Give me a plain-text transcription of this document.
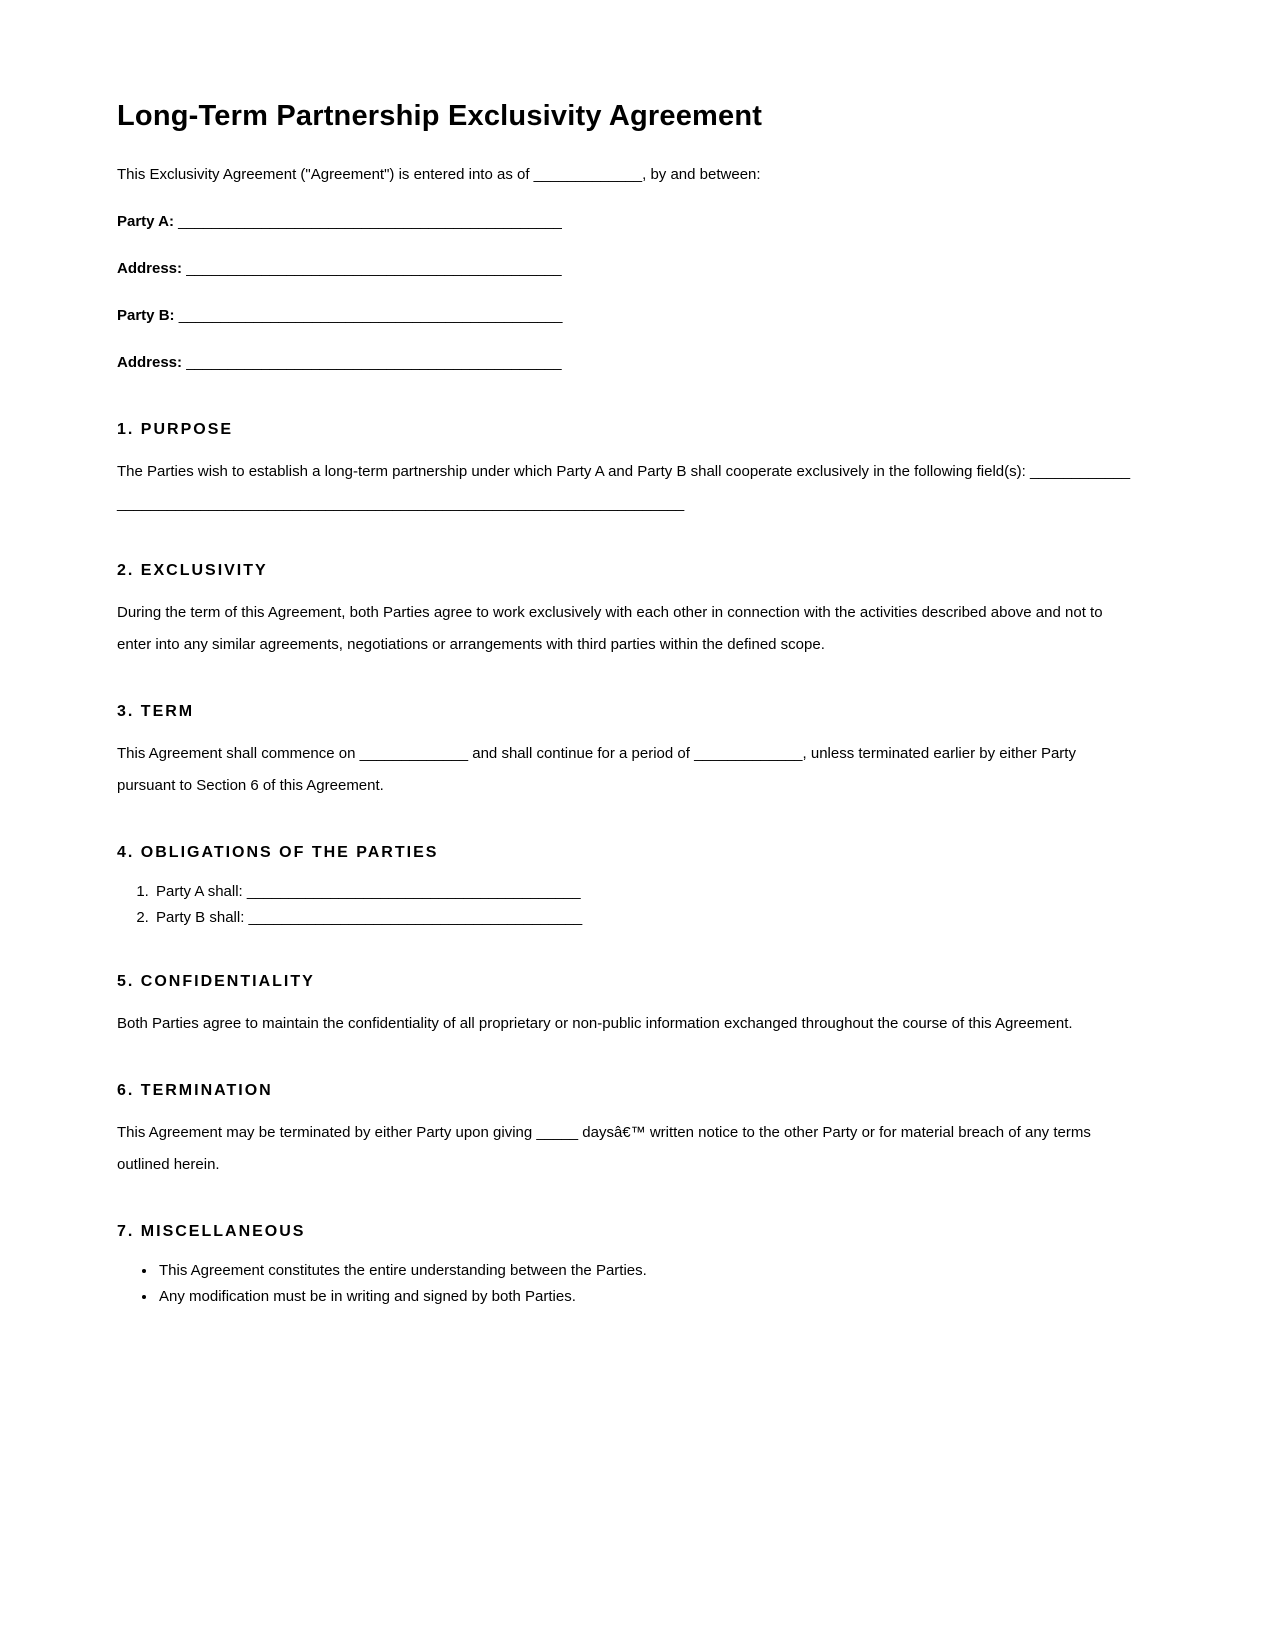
Long-Term Partnership Exclusivity Agreement

This Exclusivity Agreement ("Agreement") is entered into as of _____________, by and between:

Party A: ______________________________________________

Address: _____________________________________________

Party B: ______________________________________________

Address: _____________________________________________

1. PURPOSE

The Parties wish to establish a long-term partnership under which Party A and Party B shall cooperate exclusively in the following field(s): ________________________________________________________________________________

2. EXCLUSIVITY

During the term of this Agreement, both Parties agree to work exclusively with each other in connection with the activities described above and not to enter into any similar agreements, negotiations or arrangements with third parties within the defined scope.

3. TERM

This Agreement shall commence on _____________ and shall continue for a period of _____________, unless terminated earlier by either Party pursuant to Section 6 of this Agreement.

4. OBLIGATIONS OF THE PARTIES
1. Party A shall: ________________________________________
2. Party B shall: ________________________________________
5. CONFIDENTIALITY

Both Parties agree to maintain the confidentiality of all proprietary or non-public information exchanged throughout the course of this Agreement.

6. TERMINATION

This Agreement may be terminated by either Party upon giving _____ daysâ€™ written notice to the other Party or for material breach of any terms outlined herein.

7. MISCELLANEOUS
• This Agreement constitutes the entire understanding between the Parties.
• Any modification must be in writing and signed by both Parties.
